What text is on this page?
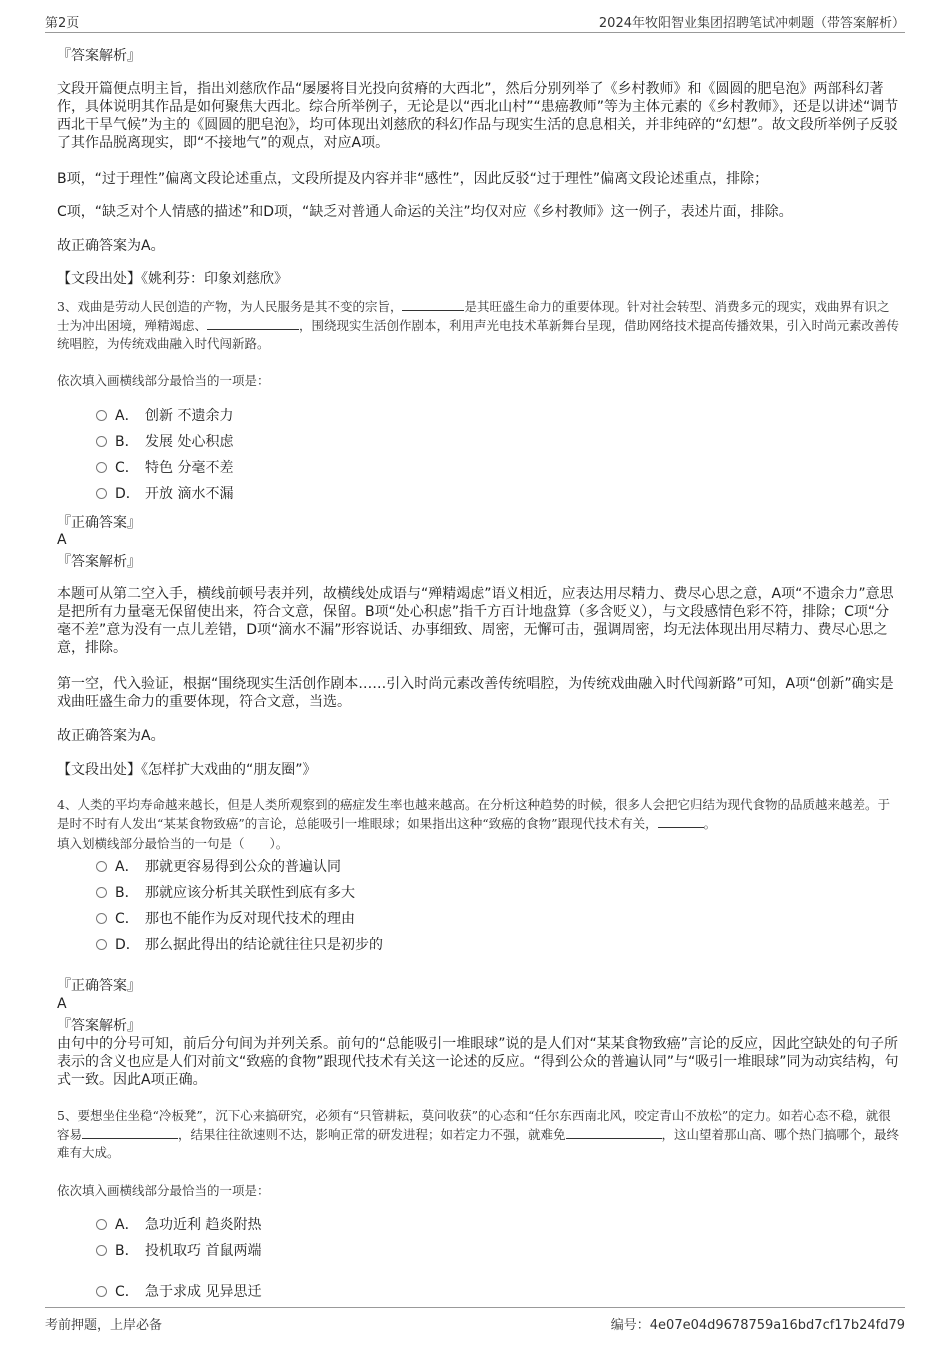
第2页	2024年牧阳智业集团招聘笔试冲刺题（带答案解析）
『答案解析』

文段开篇便点明主旨，指出刘慈欣作品“屡屡将目光投向贫瘠的大西北”，然后分别列举了《乡村教师》和《圆圆的肥皂泡》两部科幻著作，具体说明其作品是如何聚焦大西北。综合所举例子，无论是以“西北山村”“患癌教师”等为主体元素的《乡村教师》，还是以讲述“调节西北干旱气候”为主的《圆圆的肥皂泡》，均可体现出刘慈欣的科幻作品与现实生活的息息相关，并非纯碎的“幻想”。故文段所举例子反驳了其作品脱离现实，即“不接地气”的观点，对应A项。

B项，“过于理性”偏离文段论述重点，文段所提及内容并非“感性”，因此反驳“过于理性”偏离文段论述重点，排除；

C项，“缺乏对个人情感的描述”和D项，“缺乏对普通人命运的关注”均仅对应《乡村教师》这一例子，表述片面，排除。

故正确答案为A。
【文段出处】《姚利芬：印象刘慈欣》

3、戏曲是劳动人民创造的产物，为人民服务是其不变的宗旨，	是其旺盛生命力的重要体现。针对社会转型、消费多元的现实，戏曲界有识之士为冲出困境，殚精竭虑、	，围绕现实生活创作剧本，利用声光电技术革新舞台呈现，借助网络技术提高传播效果，引入时尚元素改善传统唱腔，为传统戏曲融入时代闯新路。

依次填入画横线部分最恰当的一项是：
A． 创新 不遗余力
B． 发展 处心积虑
C． 特色 分毫不差
D． 开放 滴水不漏
『正确答案』
A
『答案解析』

本题可从第二空入手，横线前顿号表并列，故横线处成语与“殚精竭虑”语义相近，应表达用尽精力、费尽心思之意，A项“不遗余力”意思是把所有力量毫无保留使出来，符合文意，保留。B项“处心积虑”指千方百计地盘算（多含贬义），与文段感情色彩不符，排除；C项“分毫不差”意为没有一点儿差错，D项“滴水不漏”形容说话、办事细致、周密，无懈可击，强调周密，均无法体现出用尽精力、费尽心思之意，排除。

第一空，代入验证，根据“围绕现实生活创作剧本……引入时尚元素改善传统唱腔，为传统戏曲融入时代闯新路”可知，A项“创新”确实是戏曲旺盛生命力的重要体现，符合文意，当选。

故正确答案为A。
【文段出处】《怎样扩大戏曲的“朋友圈”》

4、人类的平均寿命越来越长，但是人类所观察到的癌症发生率也越来越高。在分析这种趋势的时候，很多人会把它归结为现代食物的品质越来越差。于是时不时有人发出“某某食物致癌”的言论，总能吸引一堆眼球；如果指出这种“致癌的食物”跟现代技术有关，	。

填入划横线部分最恰当的一句是（　　）。
A． 那就更容易得到公众的普遍认同
B． 那就应该分析其关联性到底有多大
C． 那也不能作为反对现代技术的理由
D． 那么据此得出的结论就往往只是初步的
『正确答案』
A
『答案解析』

由句中的分号可知，前后分句间为并列关系。前句的“总能吸引一堆眼球”说的是人们对“某某食物致癌”言论的反应，因此空缺处的句子所表示的含义也应是人们对前文“致癌的食物”跟现代技术有关这一论述的反应。“得到公众的普遍认同”与“吸引一堆眼球”同为动宾结构，句式一致。因此A项正确。

5、要想坐住坐稳“冷板凳”，沉下心来搞研究，必须有“只管耕耘，莫问收获”的心态和“任尔东西南北风，咬定青山不放松”的定力。如若心态不稳，就很容易	，结果往往欲速则不达，影响正常的研发进程；如若定力不强，就难免	，这山望着那山高、哪个热门搞哪个，最终难有大成。

依次填入画横线部分最恰当的一项是：
A． 急功近利 趋炎附热
B． 投机取巧 首鼠两端
C． 急于求成 见异思迁
考前押题，上岸必备	编号：4e07e04d9678759a16bd7cf17b24fd79
